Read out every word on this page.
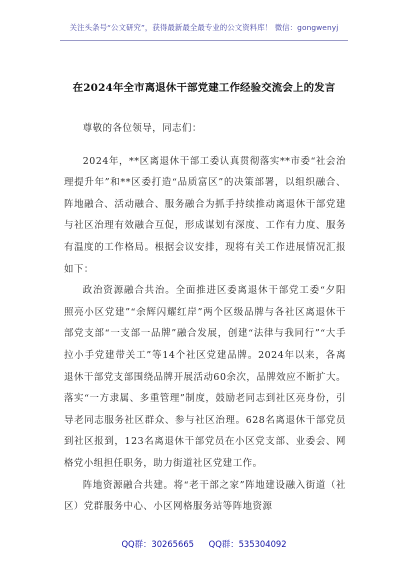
关注头条号“公文研究”，获得最新最全最专业的公文资料库！ 微信：gongwenyj
在2024年全市离退休干部党建工作经验交流会上的发言

尊敬的各位领导，同志们：

2024年，**区离退休干部工委认真贯彻落实**市委“社会治理提升年”和**区委打造“品质富区”的决策部署，以组织融合、阵地融合、活动融合、服务融合为抓手持续推动离退休干部党建与社区治理有效融合互促，形成谋划有深度、工作有力度、服务有温度的工作格局。根据会议安排，现将有关工作进展情况汇报如下：

政治资源融合共治。全面推进区委离退休干部党工委“夕阳照亮小区党建”“余辉闪耀红岸”两个区级品牌与各社区离退休干部党支部“一支部一品牌”融合发展，创建“法律与我同行”“大手拉小手党建带关工”等14个社区党建品牌。2024年以来，各离退休干部党支部围绕品牌开展活动60余次，品牌效应不断扩大。落实“一方隶属、多重管理”制度，鼓励老同志到社区亮身份，引导老同志服务社区群众、参与社区治理。628名离退休干部党员到社区报到，123名离退休干部党员在小区党支部、业委会、网格党小组担任职务，助力街道社区党建工作。

阵地资源融合共建。将“老干部之家”阵地建设融入街道（社区）党群服务中心、小区网格服务站等阵地资源

QQ群：30265665 QQ群：535304092
